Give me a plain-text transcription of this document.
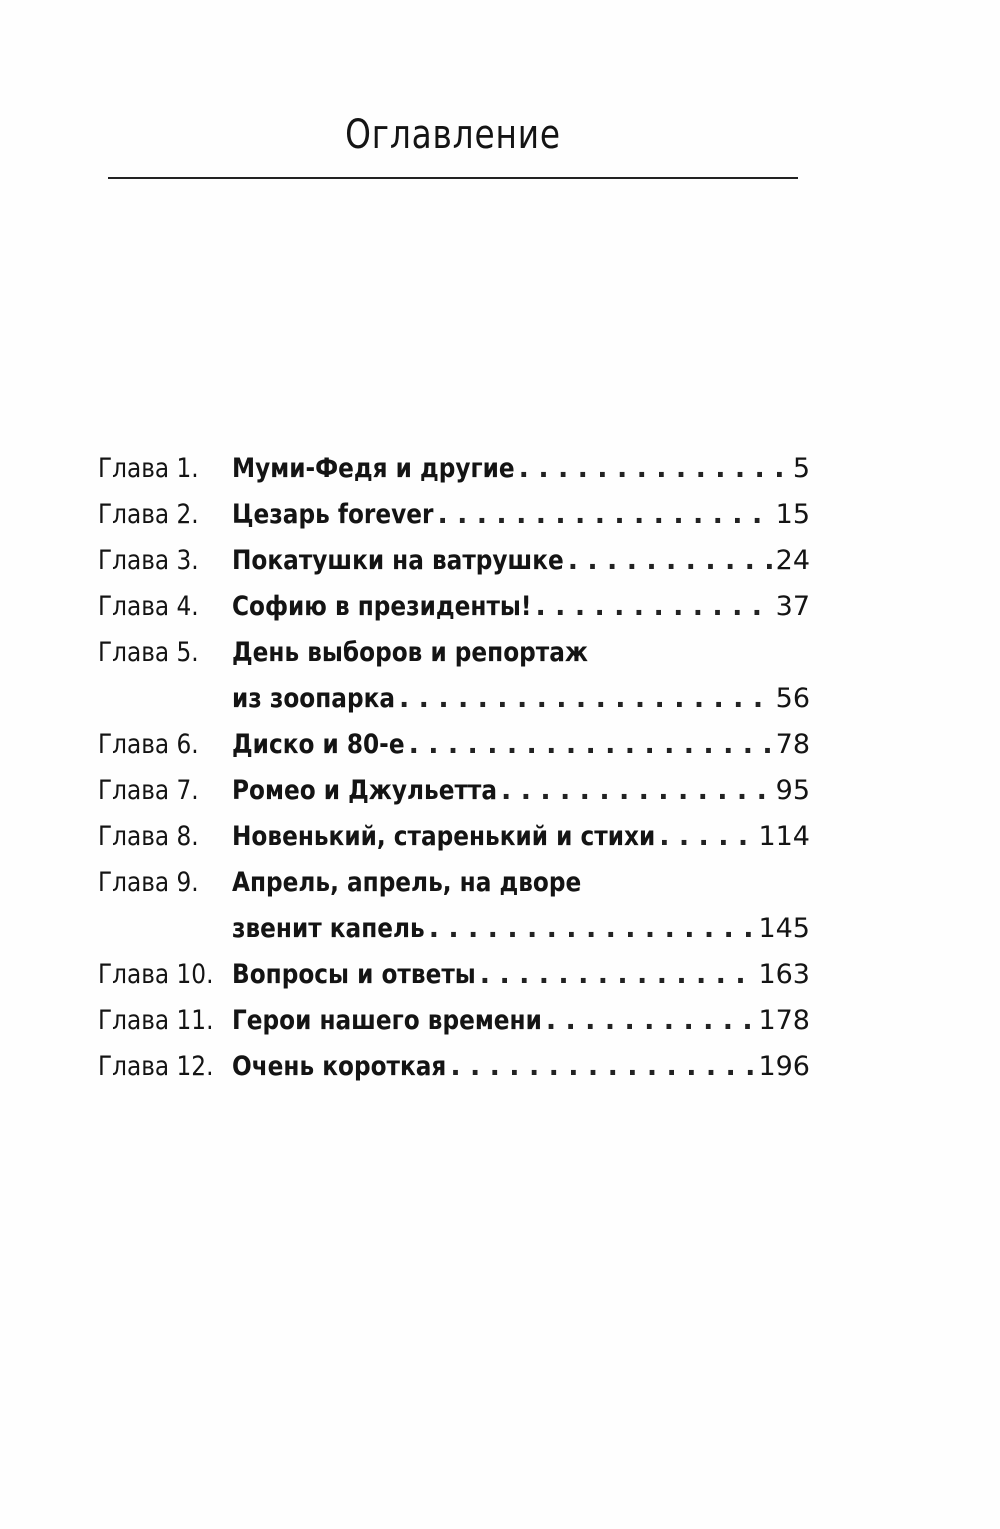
Оглавление
Глава 1. Муми-Федя и другие . . .	5
Глава 2. Цезарь forever . . .	15
Глава 3. Покатушки на ватрушке . . .	24
Глава 4. Софию в президенты! . . .	37
Глава 5. День выборов и репортаж
из зоопарка . . .	56
Глава 6. Диско и 80-е . . .	78
Глава 7. Ромео и Джульетта . . .	95
Глава 8. Новенький, старенький и стихи . . .	114
Глава 9. Апрель, апрель, на дворе
звенит капель . . .	145
Глава 10. Вопросы и ответы . . .	163
Глава 11. Герои нашего времени . . .	178
Глава 12. Очень короткая . . .	196
